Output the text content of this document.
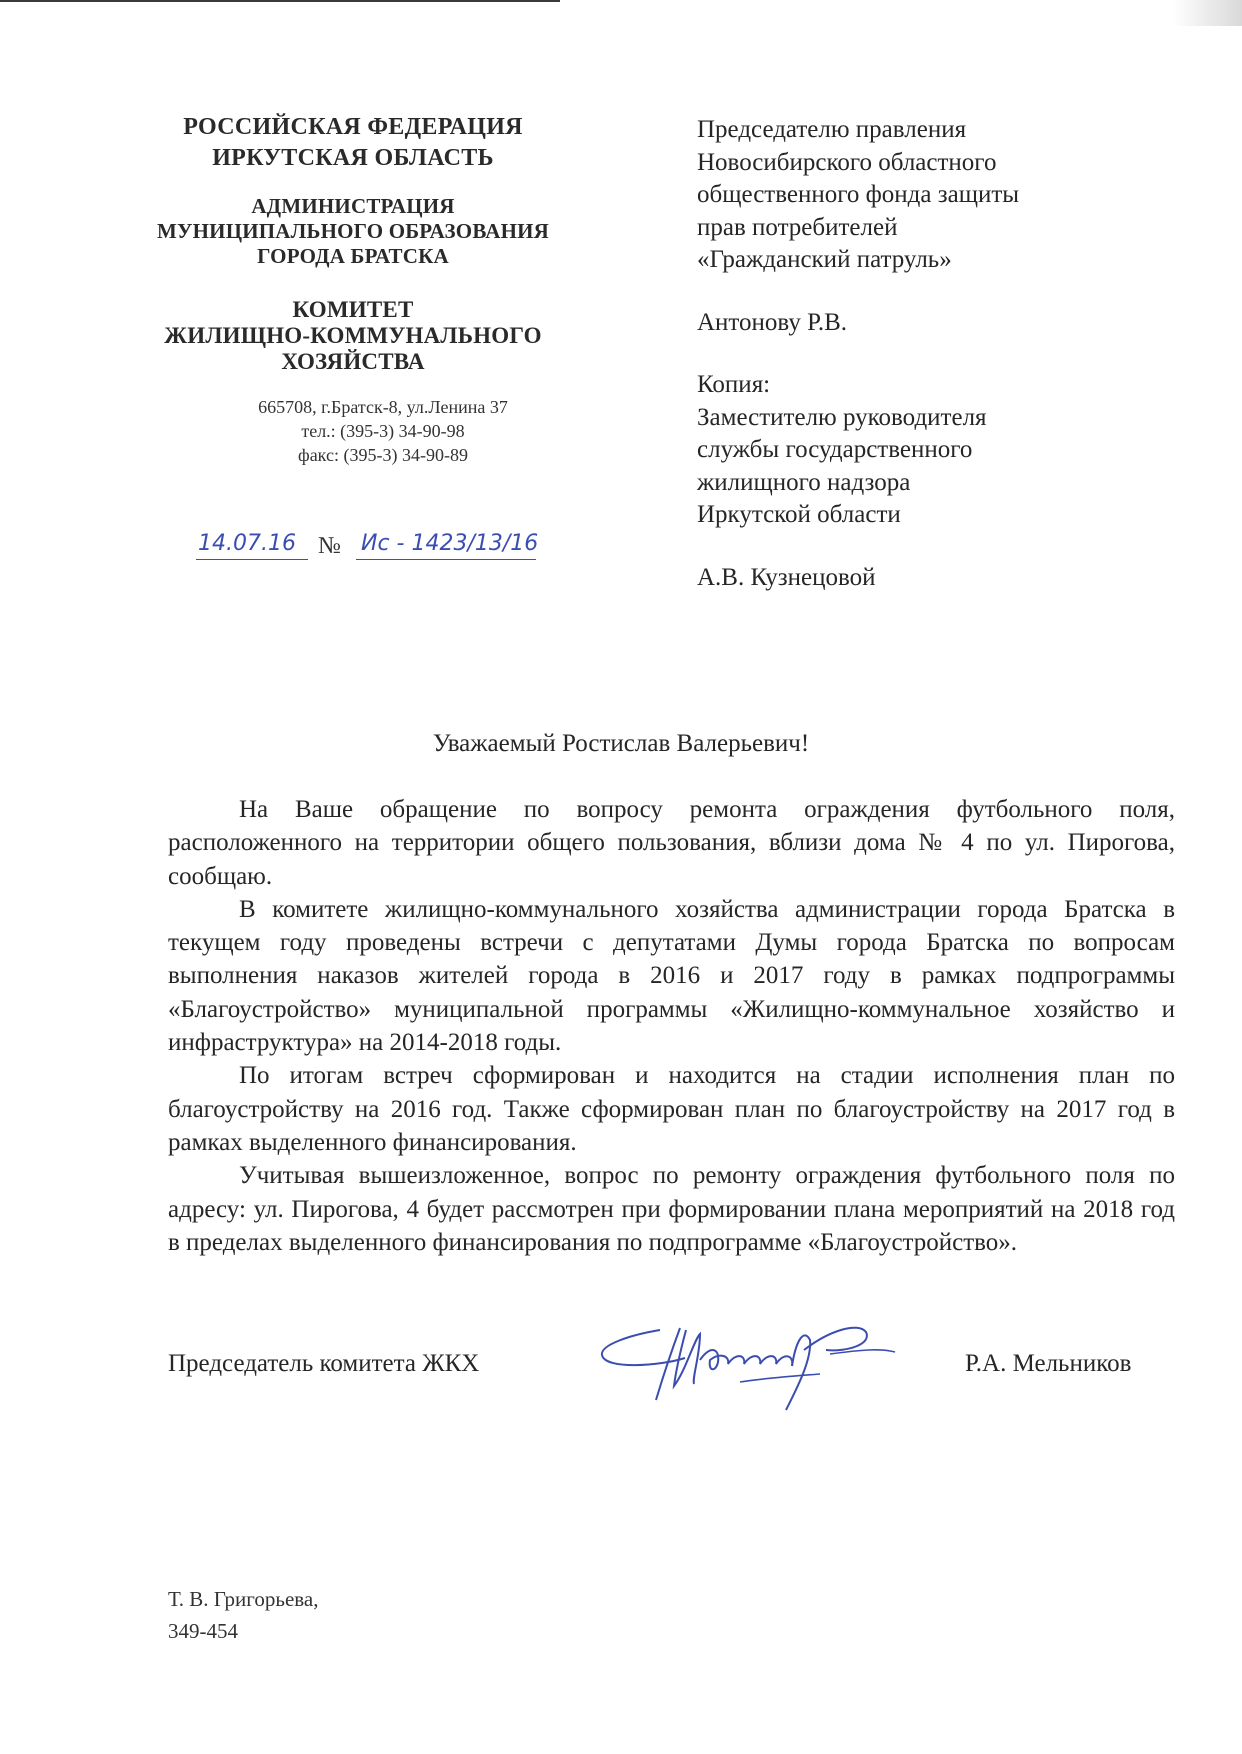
РОССИЙСКАЯ ФЕДЕРАЦИЯ
ИРКУТСКАЯ ОБЛАСТЬ
АДМИНИСТРАЦИЯ
МУНИЦИПАЛЬНОГО ОБРАЗОВАНИЯ
ГОРОДА БРАТСКА
КОМИТЕТ
ЖИЛИЩНО-КОММУНАЛЬНОГО
ХОЗЯЙСТВА
665708, г.Братск-8, ул.Ленина 37
тел.: (395-3) 34-90-98
факс: (395-3) 34-90-89
14.07.16 № Ис - 1423/13/16
Председателю правления
Новосибирского областного
общественного фонда защиты
прав потребителей
«Гражданский патруль»
Антонову Р.В.
Копия:
Заместителю руководителя
службы государственного
жилищного надзора
Иркутской области
А.В. Кузнецовой
Уважаемый Ростислав Валерьевич!

На Ваше обращение по вопросу ремонта ограждения футбольного поля, расположенного на территории общего пользования, вблизи дома № 4 по ул. Пирогова, сообщаю.

В комитете жилищно-коммунального хозяйства администрации города Братска в текущем году проведены встречи с депутатами Думы города Братска по вопросам выполнения наказов жителей города в 2016 и 2017 году в рамках подпрограммы «Благоустройство» муниципальной программы «Жилищно-коммунальное хозяйство и инфраструктура» на 2014-2018 годы.

По итогам встреч сформирован и находится на стадии исполнения план по благоустройству на 2016 год. Также сформирован план по благоустройству на 2017 год в рамках выделенного финансирования.

Учитывая вышеизложенное, вопрос по ремонту ограждения футбольного поля по адресу: ул. Пирогова, 4 будет рассмотрен при формировании плана мероприятий на 2018 год в пределах выделенного финансирования по подпрограмме «Благоустройство».

Председатель комитета ЖКХ	Р.А. Мельников
Т. В. Григорьева,
349-454
